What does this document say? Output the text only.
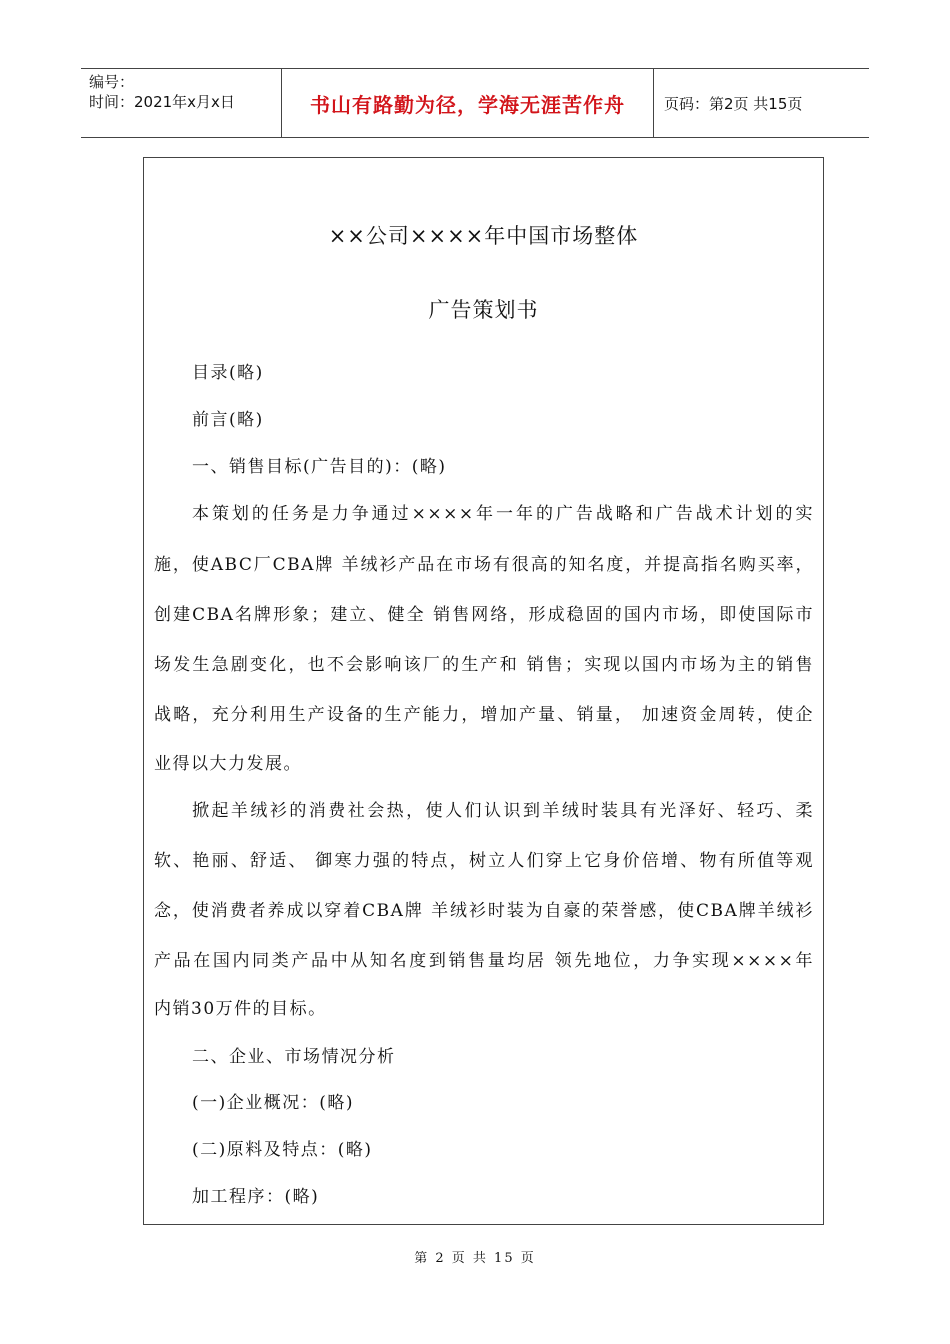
编号：
时间：2021年x月x日	书山有路勤为径，学海无涯苦作舟	页码：第2页 共15页
××公司××××年中国市场整体
广告策划书
目录(略)
前言(略)
一、销售目标(广告目的)：(略)
本策划的任务是力争通过××××年一年的广告战略和广告战术计划的实
施，使ABC厂CBA牌 羊绒衫产品在市场有很高的知名度，并提高指名购买率，
创建CBA名牌形象；建立、健全 销售网络，形成稳固的国内市场，即使国际市
场发生急剧变化，也不会影响该厂的生产和 销售；实现以国内市场为主的销售
战略，充分利用生产设备的生产能力，增加产量、销量， 加速资金周转，使企
业得以大力发展。
掀起羊绒衫的消费社会热，使人们认识到羊绒时装具有光泽好、轻巧、柔
软、艳丽、舒适、 御寒力强的特点，树立人们穿上它身价倍增、物有所值等观
念，使消费者养成以穿着CBA牌 羊绒衫时装为自豪的荣誉感，使CBA牌羊绒衫
产品在国内同类产品中从知名度到销售量均居 领先地位，力争实现××××年
内销30万件的目标。
二、企业、市场情况分析
(一)企业概况：(略)
(二)原料及特点：(略)
加工程序：(略)
第 2 页 共 15 页
